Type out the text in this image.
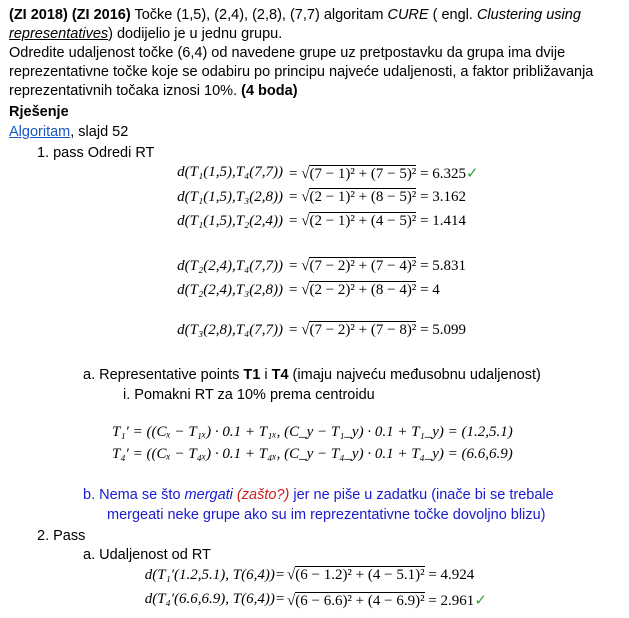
(ZI 2018) (ZI 2016) Točke (1,5), (2,4), (2,8), (7,7) algoritam CURE ( engl. Clustering using
representatives) dodijelio je u jednu grupu.
Odredite udaljenost točke (6,4) od navedene grupe uz pretpostavku da grupa ima dvije
reprezentativne točke koje se odabiru po principu najveće udaljenosti, a faktor približavanja
reprezentativnih točaka iznosi 10%. (4 boda)
Rješenje
Algoritam, slajd 52
1. pass Odredi RT
d(T₁(1,5),T₄(7,7)) = √(7 − 1)² + (7 − 5)² = 6.325✓
d(T₁(1,5),T₃(2,8)) = √(2 − 1)² + (8 − 5)² = 3.162
d(T₁(1,5),T₂(2,4)) = √(2 − 1)² + (4 − 5)² = 1.414
d(T₂(2,4),T₄(7,7)) = √(7 − 2)² + (7 − 4)² = 5.831
d(T₂(2,4),T₃(2,8)) = √(2 − 2)² + (8 − 4)² = 4
d(T₃(2,8),T₄(7,7)) = √(7 − 2)² + (7 − 8)² = 5.099
a. Representative points T1 i T4 (imaju najveću međusobnu udaljenost)
i. Pomakni RT za 10% prema centroidu
T₁′ = ((Cₓ − T₁ₓ) · 0.1 + T₁ₓ, (C_y − T₁_y) · 0.1 + T₁_y) = (1.2,5.1)
T₄′ = ((Cₓ − T₄ₓ) · 0.1 + T₄ₓ, (C_y − T₄_y) · 0.1 + T₄_y) = (6.6,6.9)
b. Nema se što mergati (zašto?) jer ne piše u zadatku (inače bi se trebale
mergeati neke grupe ako su im reprezentativne točke dovoljno blizu)
2. Pass
a. Udaljenost od RT
d(T₁′(1.2,5.1), T(6,4))= √(6 − 1.2)² + (4 − 5.1)² = 4.924
d(T₄′(6.6,6.9), T(6,4))= √(6 − 6.6)² + (4 − 6.9)² = 2.961✓
